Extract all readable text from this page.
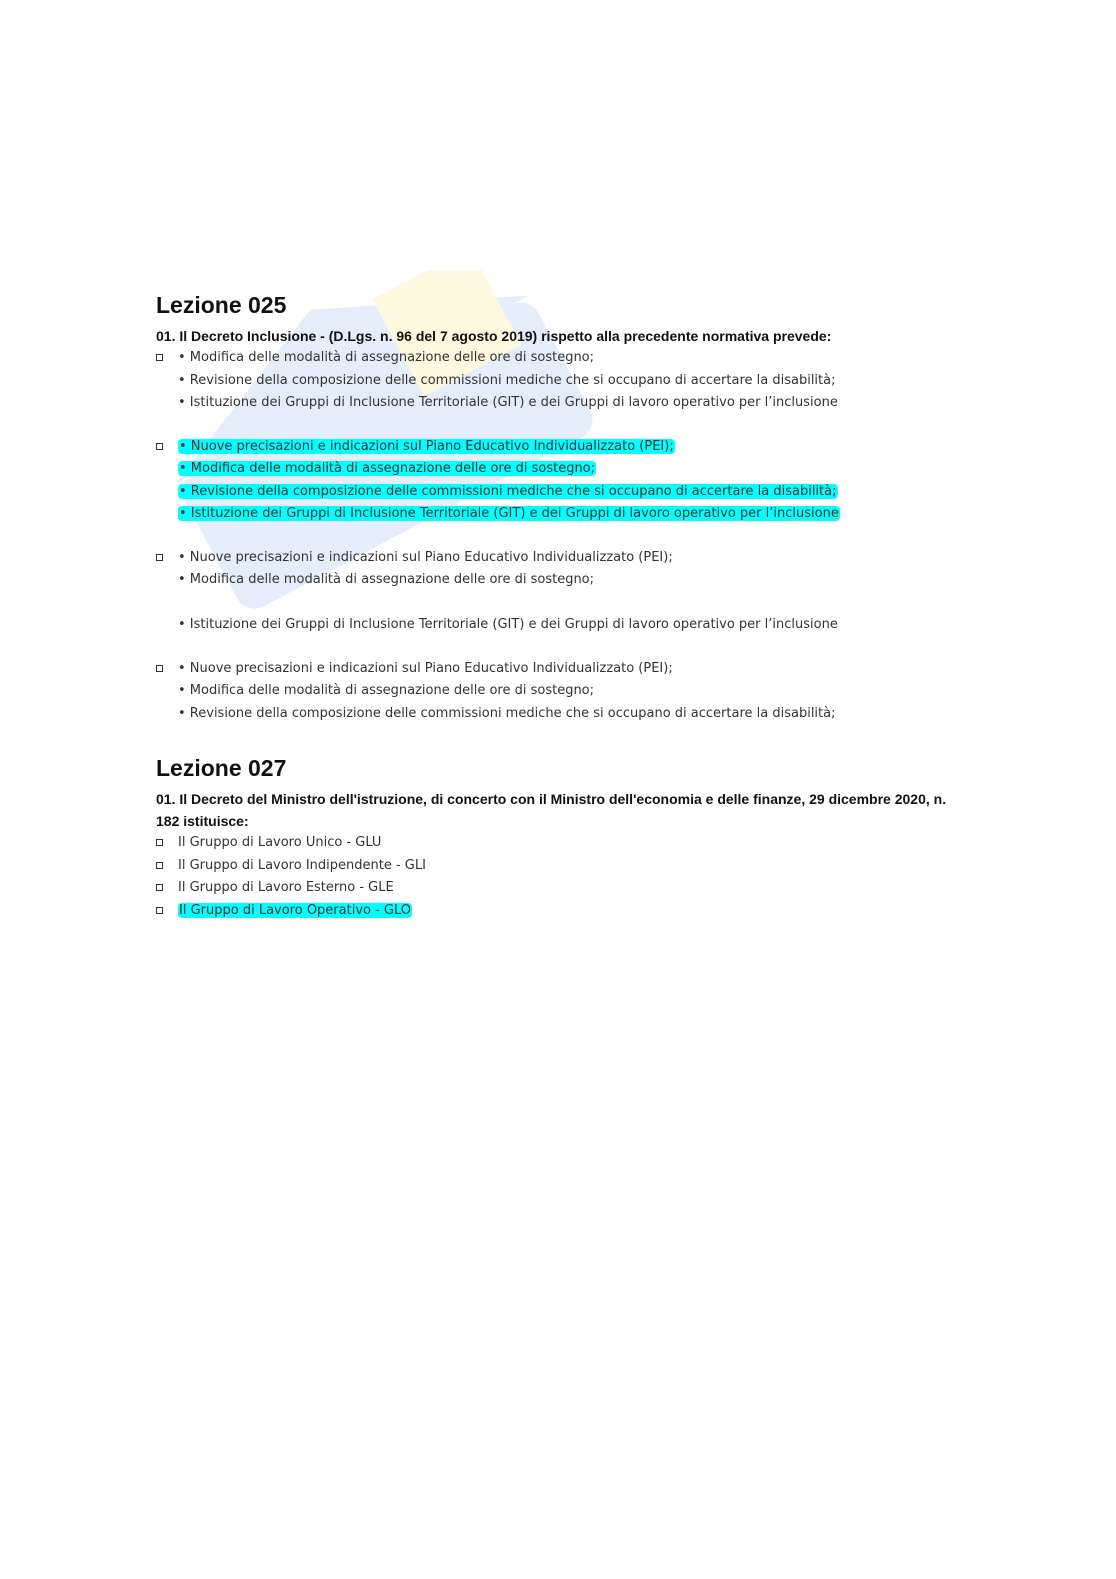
Lezione 025

01. Il Decreto Inclusione - (D.Lgs. n. 96 del 7 agosto 2019) rispetto alla precedente normativa prevede:

• Modifica delle modalità di assegnazione delle ore di sostegno;
• Revisione della composizione delle commissioni mediche che si occupano di accertare la disabilità;
• Istituzione dei Gruppi di Inclusione Territoriale (GIT) e dei Gruppi di lavoro operativo per l’inclusione
• Nuove precisazioni e indicazioni sul Piano Educativo Individualizzato (PEI);
• Modifica delle modalità di assegnazione delle ore di sostegno;
• Revisione della composizione delle commissioni mediche che si occupano di accertare la disabilità;
• Istituzione dei Gruppi di Inclusione Territoriale (GIT) e dei Gruppi di lavoro operativo per l’inclusione
• Nuove precisazioni e indicazioni sul Piano Educativo Individualizzato (PEI);
• Modifica delle modalità di assegnazione delle ore di sostegno;
• Istituzione dei Gruppi di Inclusione Territoriale (GIT) e dei Gruppi di lavoro operativo per l’inclusione
• Nuove precisazioni e indicazioni sul Piano Educativo Individualizzato (PEI);
• Modifica delle modalità di assegnazione delle ore di sostegno;
• Revisione della composizione delle commissioni mediche che si occupano di accertare la disabilità;
Lezione 027

01. Il Decreto del Ministro dell'istruzione, di concerto con il Ministro dell'economia e delle finanze, 29 dicembre 2020, n. 182 istituisce:

Il Gruppo di Lavoro Unico - GLU
Il Gruppo di Lavoro Indipendente - GLI
Il Gruppo di Lavoro Esterno - GLE
Il Gruppo di Lavoro Operativo - GLO
